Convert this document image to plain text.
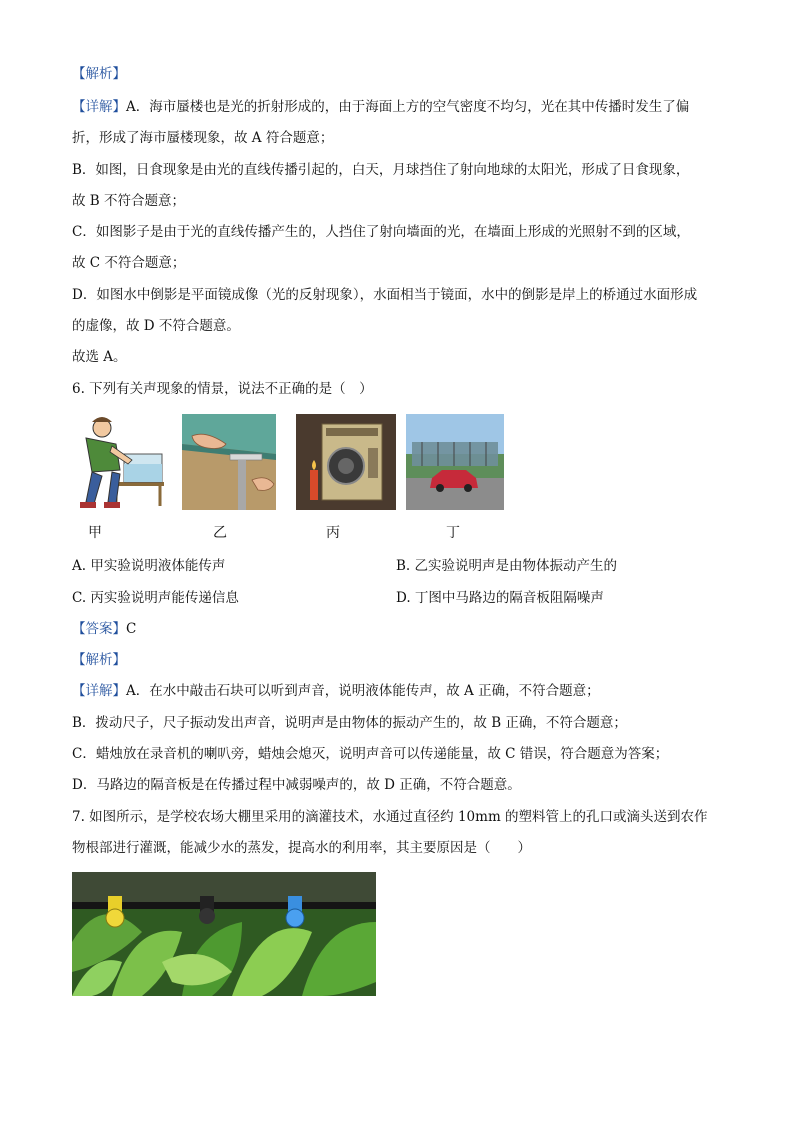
【解析】
【详解】A．海市蜃楼也是光的折射形成的，由于海面上方的空气密度不均匀，光在其中传播时发生了偏
折，形成了海市蜃楼现象，故 A 符合题意；
B．如图，日食现象是由光的直线传播引起的，白天，月球挡住了射向地球的太阳光，形成了日食现象，
故 B 不符合题意；
C．如图影子是由于光的直线传播产生的，人挡住了射向墙面的光，在墙面上形成的光照射不到的区域，
故 C 不符合题意；
D．如图水中倒影是平面镜成像（光的反射现象），水面相当于镜面，水中的倒影是岸上的桥通过水面形成
的虚像，故 D 不符合题意。
故选 A。
6. 下列有关声现象的情景，说法不正确的是（　）
甲	乙	丙	丁
A. 甲实验说明液体能传声	B. 乙实验说明声是由物体振动产生的
C. 丙实验说明声能传递信息	D. 丁图中马路边的隔音板阻隔噪声
【答案】C
【解析】
【详解】A．在水中敲击石块可以听到声音，说明液体能传声，故 A 正确，不符合题意；
B．拨动尺子，尺子振动发出声音，说明声是由物体的振动产生的，故 B 正确，不符合题意；
C．蜡烛放在录音机的喇叭旁，蜡烛会熄灭，说明声音可以传递能量，故 C 错误，符合题意为答案；
D．马路边的隔音板是在传播过程中减弱噪声的，故 D 正确，不符合题意。
7. 如图所示，是学校农场大棚里采用的滴灌技术，水通过直径约 10mm 的塑料管上的孔口或滴头送到农作
物根部进行灌溉，能减少水的蒸发，提高水的利用率，其主要原因是（　　）
